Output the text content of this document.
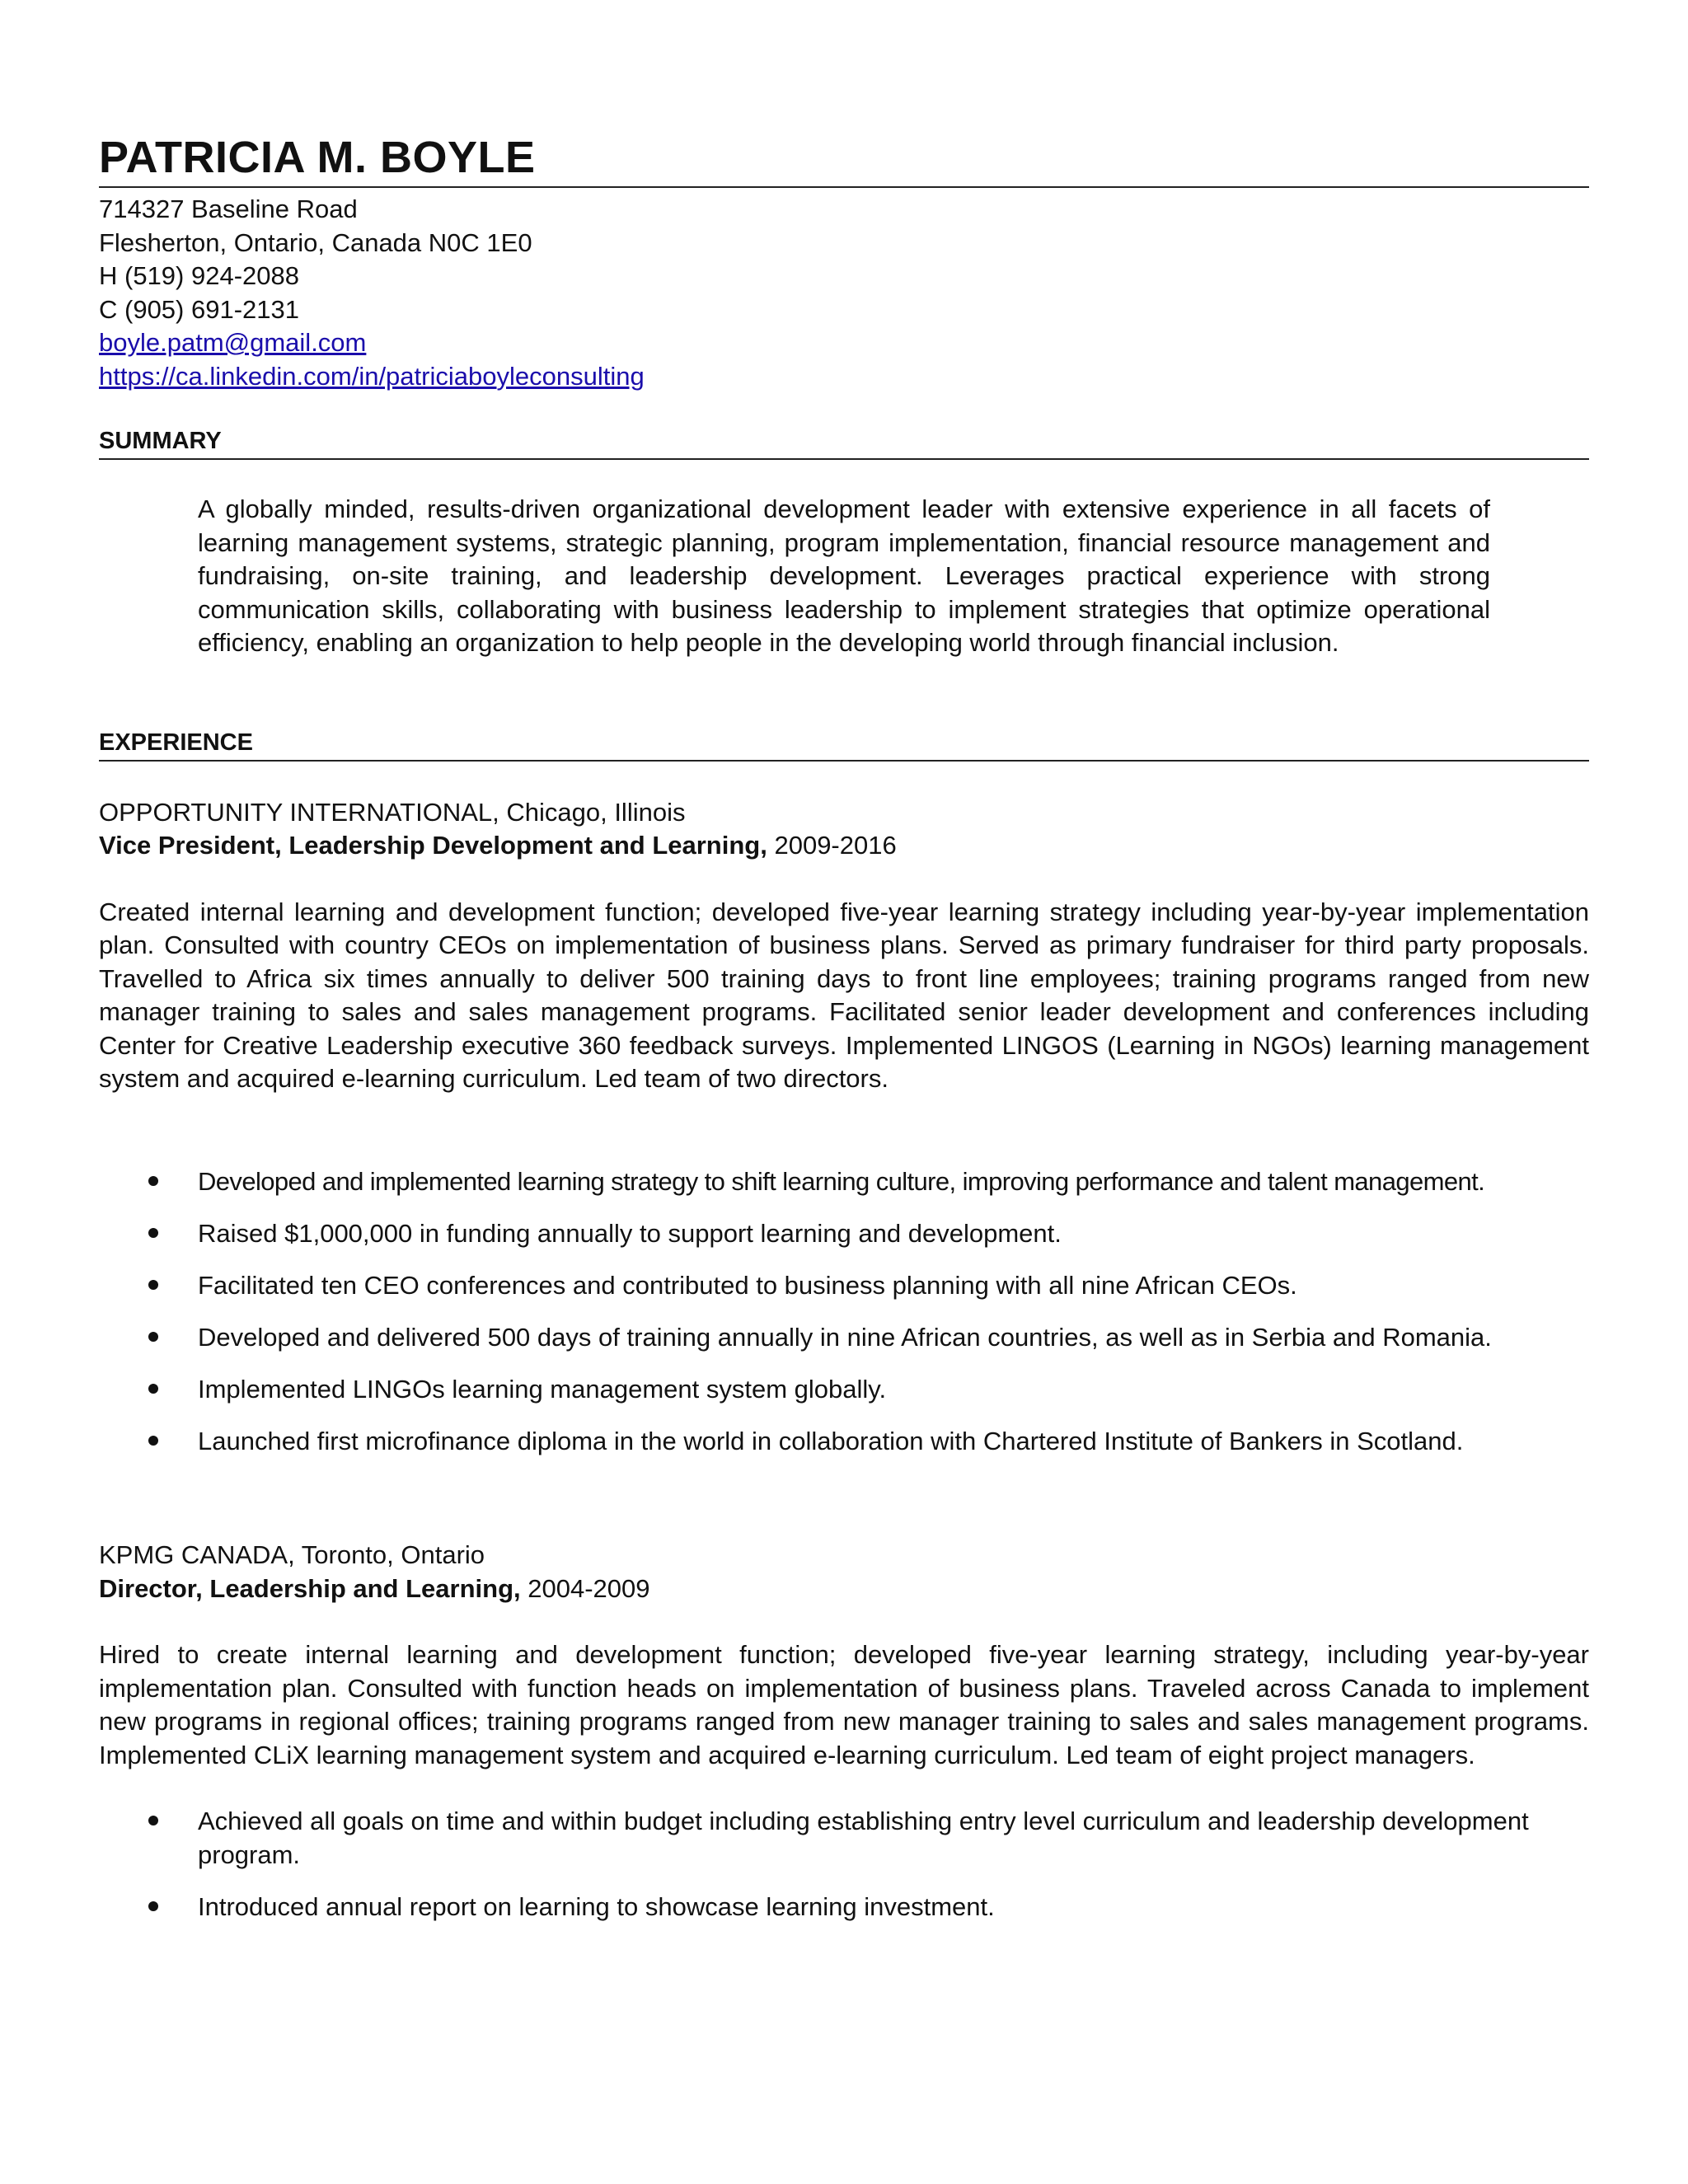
PATRICIA M. BOYLE
714327 Baseline Road
Flesherton, Ontario, Canada N0C 1E0
H (519) 924-2088
C (905) 691-2131
boyle.patm@gmail.com
https://ca.linkedin.com/in/patriciaboyleconsulting
SUMMARY

A globally minded, results-driven organizational development leader with extensive experience in all facets of learning management systems, strategic planning, program implementation, financial resource management and fundraising, on-site training, and leadership development. Leverages practical experience with strong communication skills, collaborating with business leadership to implement strategies that optimize operational efficiency, enabling an organization to help people in the developing world through financial inclusion.

EXPERIENCE
OPPORTUNITY INTERNATIONAL, Chicago, Illinois
Vice President, Leadership Development and Learning, 2009-2016
Created internal learning and development function; developed five-year learning strategy including year-by-year implementation plan. Consulted with country CEOs on implementation of business plans. Served as primary fundraiser for third party proposals. Travelled to Africa six times annually to deliver 500 training days to front line employees; training programs ranged from new manager training to sales and sales management programs. Facilitated senior leader development and conferences including Center for Creative Leadership executive 360 feedback surveys. Implemented LINGOS (Learning in NGOs) learning management system and acquired e-learning curriculum. Led team of two directors.
Developed and implemented learning strategy to shift learning culture, improving performance and talent management.
Raised $1,000,000 in funding annually to support learning and development.
Facilitated ten CEO conferences and contributed to business planning with all nine African CEOs.
Developed and delivered 500 days of training annually in nine African countries, as well as in Serbia and Romania.
Implemented LINGOs learning management system globally.
Launched first microfinance diploma in the world in collaboration with Chartered Institute of Bankers in Scotland.
KPMG CANADA, Toronto, Ontario
Director, Leadership and Learning, 2004-2009
Hired to create internal learning and development function; developed five-year learning strategy, including year-by-year implementation plan. Consulted with function heads on implementation of business plans. Traveled across Canada to implement new programs in regional offices; training programs ranged from new manager training to sales and sales management programs. Implemented CLiX learning management system and acquired e-learning curriculum. Led team of eight project managers.
Achieved all goals on time and within budget including establishing entry level curriculum and leadership development program.
Introduced annual report on learning to showcase learning investment.
